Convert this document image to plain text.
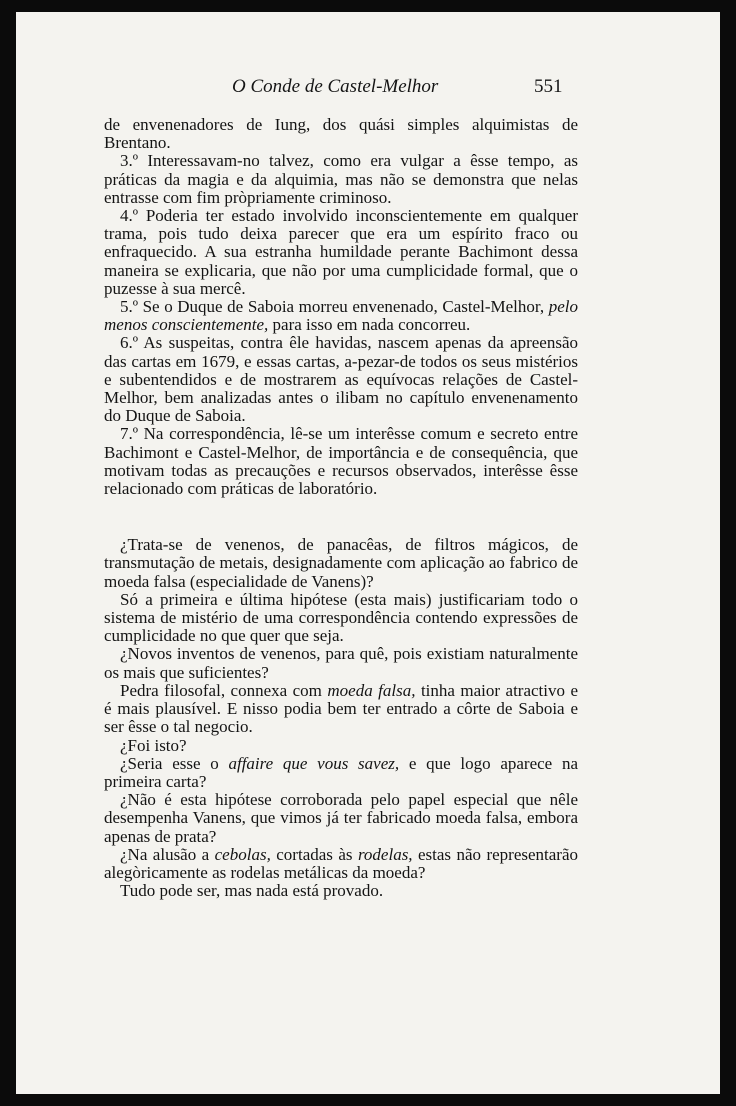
O Conde de Castel-Melhor	551

de envenenadores de Iung, dos quási simples alquimistas de Brentano.

3.º Interessavam-no talvez, como era vulgar a êsse tempo, as práticas da magia e da alquimia, mas não se demonstra que nelas entrasse com fim pròpriamente criminoso.

4.º Poderia ter estado involvido inconscientemente em qualquer trama, pois tudo deixa parecer que era um espírito fraco ou enfraquecido. A sua estranha humildade perante Bachimont dessa maneira se explicaria, que não por uma cumplicidade formal, que o puzesse à sua mercê.

5.º Se o Duque de Saboia morreu envenenado, Castel-Melhor, pelo menos conscientemente, para isso em nada concorreu.

6.º As suspeitas, contra êle havidas, nascem apenas da apreensão das cartas em 1679, e essas cartas, a-pezar-de todos os seus mistérios e subentendidos e de mostrarem as equívocas relações de Castel-Melhor, bem analizadas antes o ilibam no capítulo envenenamento do Duque de Saboia.

7.º Na correspondência, lê-se um interêsse comum e secreto entre Bachimont e Castel-Melhor, de importância e de consequência, que motivam todas as precauções e recursos observados, interêsse êsse relacionado com práticas de laboratório.

¿Trata-se de venenos, de panacêas, de filtros mágicos, de transmutação de metais, designadamente com aplicação ao fabrico de moeda falsa (especialidade de Vanens)?

Só a primeira e última hipótese (esta mais) justificariam todo o sistema de mistério de uma correspondência contendo expressões de cumplicidade no que quer que seja.

¿Novos inventos de venenos, para quê, pois existiam naturalmente os mais que suficientes?

Pedra filosofal, connexa com moeda falsa, tinha maior atractivo e é mais plausível. E nisso podia bem ter entrado a côrte de Saboia e ser êsse o tal negocio.

¿Foi isto?

¿Seria esse o affaire que vous savez, e que logo aparece na primeira carta?

¿Não é esta hipótese corroborada pelo papel especial que nêle desempenha Vanens, que vimos já ter fabricado moeda falsa, embora apenas de prata?

¿Na alusão a cebolas, cortadas às rodelas, estas não representarão alegòricamente as rodelas metálicas da moeda?

Tudo pode ser, mas nada está provado.
